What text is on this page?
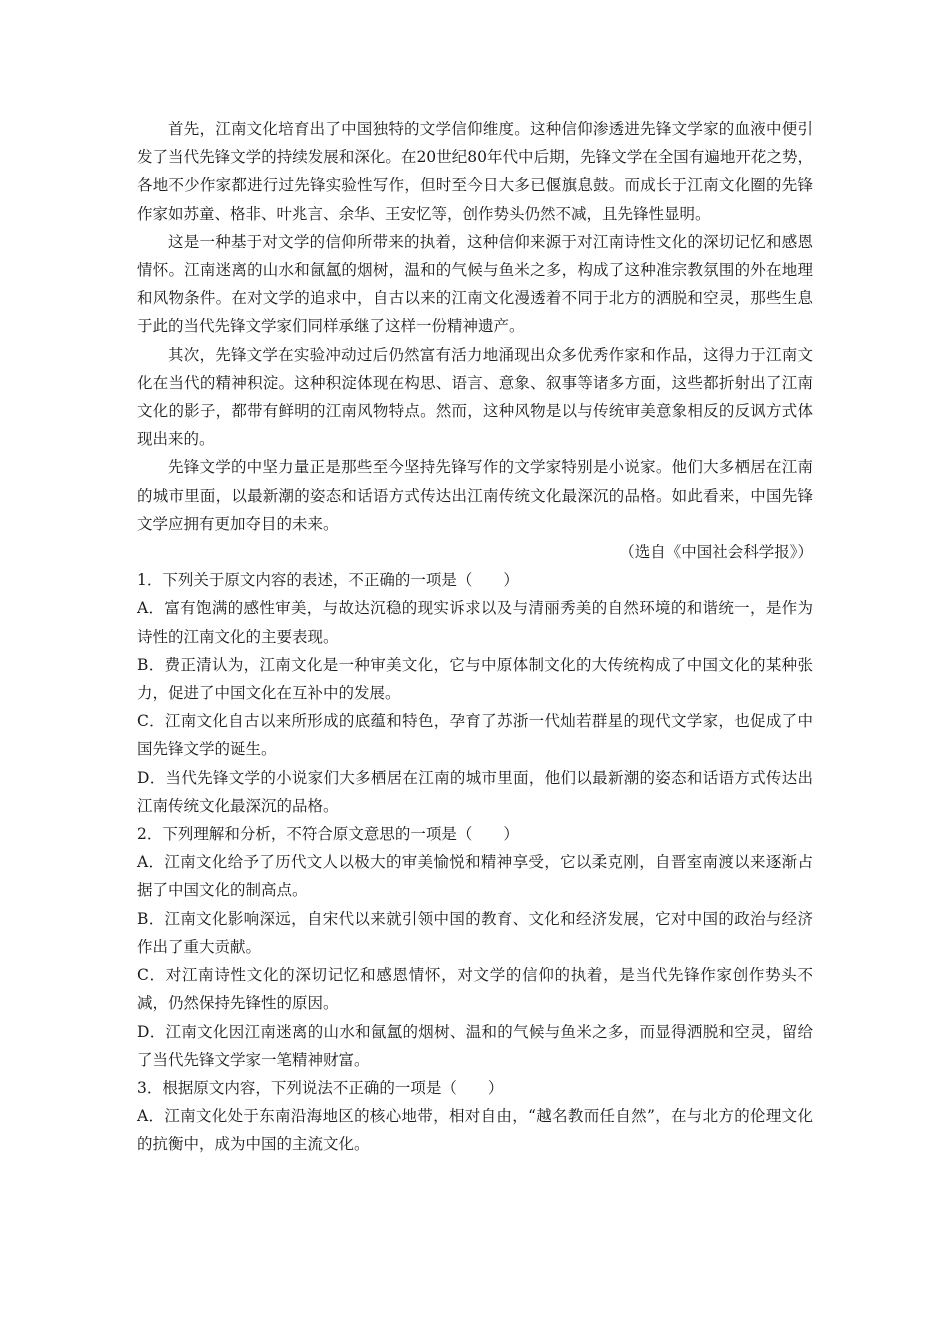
首先，江南文化培育出了中国独特的文学信仰维度。这种信仰渗透进先锋文学家的血液中便引发了当代先锋文学的持续发展和深化。在20世纪80年代中后期，先锋文学在全国有遍地开花之势，各地不少作家都进行过先锋实验性写作，但时至今日大多已偃旗息鼓。而成长于江南文化圈的先锋作家如苏童、格非、叶兆言、余华、王安忆等，创作势头仍然不减，且先锋性显明。

这是一种基于对文学的信仰所带来的执着，这种信仰来源于对江南诗性文化的深切记忆和感恩情怀。江南迷离的山水和氤氲的烟树，温和的气候与鱼米之多，构成了这种准宗教氛围的外在地理和风物条件。在对文学的追求中，自古以来的江南文化漫透着不同于北方的洒脱和空灵，那些生息于此的当代先锋文学家们同样承继了这样一份精神遗产。

其次，先锋文学在实验冲动过后仍然富有活力地涌现出众多优秀作家和作品，这得力于江南文化在当代的精神积淀。这种积淀体现在构思、语言、意象、叙事等诸多方面，这些都折射出了江南文化的影子，都带有鲜明的江南风物特点。然而，这种风物是以与传统审美意象相反的反讽方式体现出来的。

先锋文学的中坚力量正是那些至今坚持先锋写作的文学家特别是小说家。他们大多栖居在江南的城市里面，以最新潮的姿态和话语方式传达出江南传统文化最深沉的品格。如此看来，中国先锋文学应拥有更加夺目的未来。

（选自《中国社会科学报》）

1．下列关于原文内容的表述，不正确的一项是（　　）

A．富有饱满的感性审美，与故达沉稳的现实诉求以及与清丽秀美的自然环境的和谐统一，是作为诗性的江南文化的主要表现。

B．费正清认为，江南文化是一种审美文化，它与中原体制文化的大传统构成了中国文化的某种张力，促进了中国文化在互补中的发展。

C．江南文化自古以来所形成的底蕴和特色，孕育了苏浙一代灿若群星的现代文学家，也促成了中国先锋文学的诞生。

D．当代先锋文学的小说家们大多栖居在江南的城市里面，他们以最新潮的姿态和话语方式传达出江南传统文化最深沉的品格。

2．下列理解和分析，不符合原文意思的一项是（　　）

A．江南文化给予了历代文人以极大的审美愉悦和精神享受，它以柔克刚，自晋室南渡以来逐渐占据了中国文化的制高点。

B．江南文化影响深远，自宋代以来就引领中国的教育、文化和经济发展，它对中国的政治与经济作出了重大贡献。

C．对江南诗性文化的深切记忆和感恩情怀，对文学的信仰的执着，是当代先锋作家创作势头不减，仍然保持先锋性的原因。

D．江南文化因江南迷离的山水和氤氲的烟树、温和的气候与鱼米之多，而显得洒脱和空灵，留给了当代先锋文学家一笔精神财富。

3．根据原文内容，下列说法不正确的一项是（　　）

A．江南文化处于东南沿海地区的核心地带，相对自由，“越名教而任自然”，在与北方的伦理文化的抗衡中，成为中国的主流文化。
